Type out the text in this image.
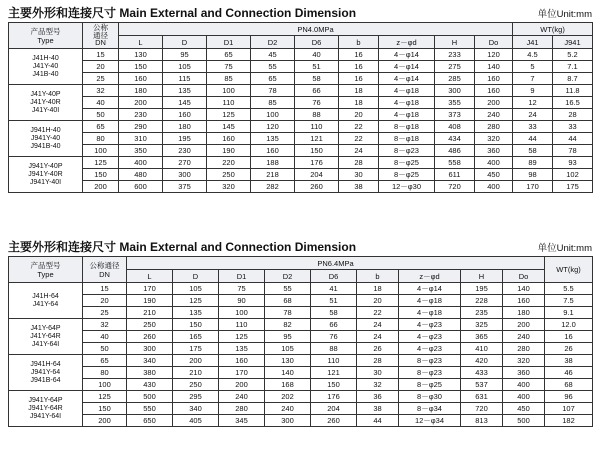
主要外形和连接尺寸 Main External and Connection Dimension	单位Unit:mm
产品型号
Type	公称
通径
DN	PN4.0MPa									WT(kg)	
		L	D	D1	D2	D6	b	z－φd	H	Do	J41	J941

J41H-40
J41Y-40
J41B-40	15	130	95	65	45	40	16	4－φ14	233	120	4.5	5.2
	20	150	105	75	55	51	16	4－φ14	275	140	5	7.1
	25	160	115	85	65	58	16	4－φ14	285	160	7	8.7

J41Y-40P
J41Y-40R
J41Y-40I	32	180	135	100	78	66	18	4－φ18	300	160	9	11.8
	40	200	145	110	85	76	18	4－φ18	355	200	12	16.5
	50	230	160	125	100	88	20	4－φ18	373	240	24	28

J941H-40
J941Y-40
J941B-40	65	290	180	145	120	110	22	8－φ18	408	280	33	33
	80	310	195	160	135	121	22	8－φ18	434	320	44	44
	100	350	230	190	160	150	24	8－φ23	486	360	58	78

J941Y-40P
J941Y-40R
J941Y-40I	125	400	270	220	188	176	28	8－φ25	558	400	89	93
	150	480	300	250	218	204	30	8－φ25	611	450	98	102
	200	600	375	320	282	260	38	12－φ30	720	400	170	175
主要外形和连接尺寸 Main External and Connection Dimension	单位Unit:mm
产品型号
Type	公称通径
DN	PN6.4MPa									WT(kg)
		L	D	D1	D2	D6	b	z－φd	H	Do	

J41H-64
J41Y-64	15	170	105	75	55	41	18	4－φ14	195	140	5.5
	20	190	125	90	68	51	20	4－φ18	228	160	7.5
	25	210	135	100	78	58	22	4－φ18	235	180	9.1

J41Y-64P
J41Y-64R
J41Y-64I	32	250	150	110	82	66	24	4－φ23	325	200	12.0
	40	260	165	125	95	76	24	4－φ23	365	240	16
	50	300	175	135	105	88	26	4－φ23	410	280	26

J941H-64
J941Y-64
J941B-64	65	340	200	160	130	110	28	8－φ23	420	320	38
	80	380	210	170	140	121	30	8－φ23	433	360	46
	100	430	250	200	168	150	32	8－φ25	537	400	68

J941Y-64P
J941Y-64R
J941Y-64I	125	500	295	240	202	176	36	8－φ30	631	400	96
	150	550	340	280	240	204	38	8－φ34	720	450	107
	200	650	405	345	300	260	44	12－φ34	813	500	182
